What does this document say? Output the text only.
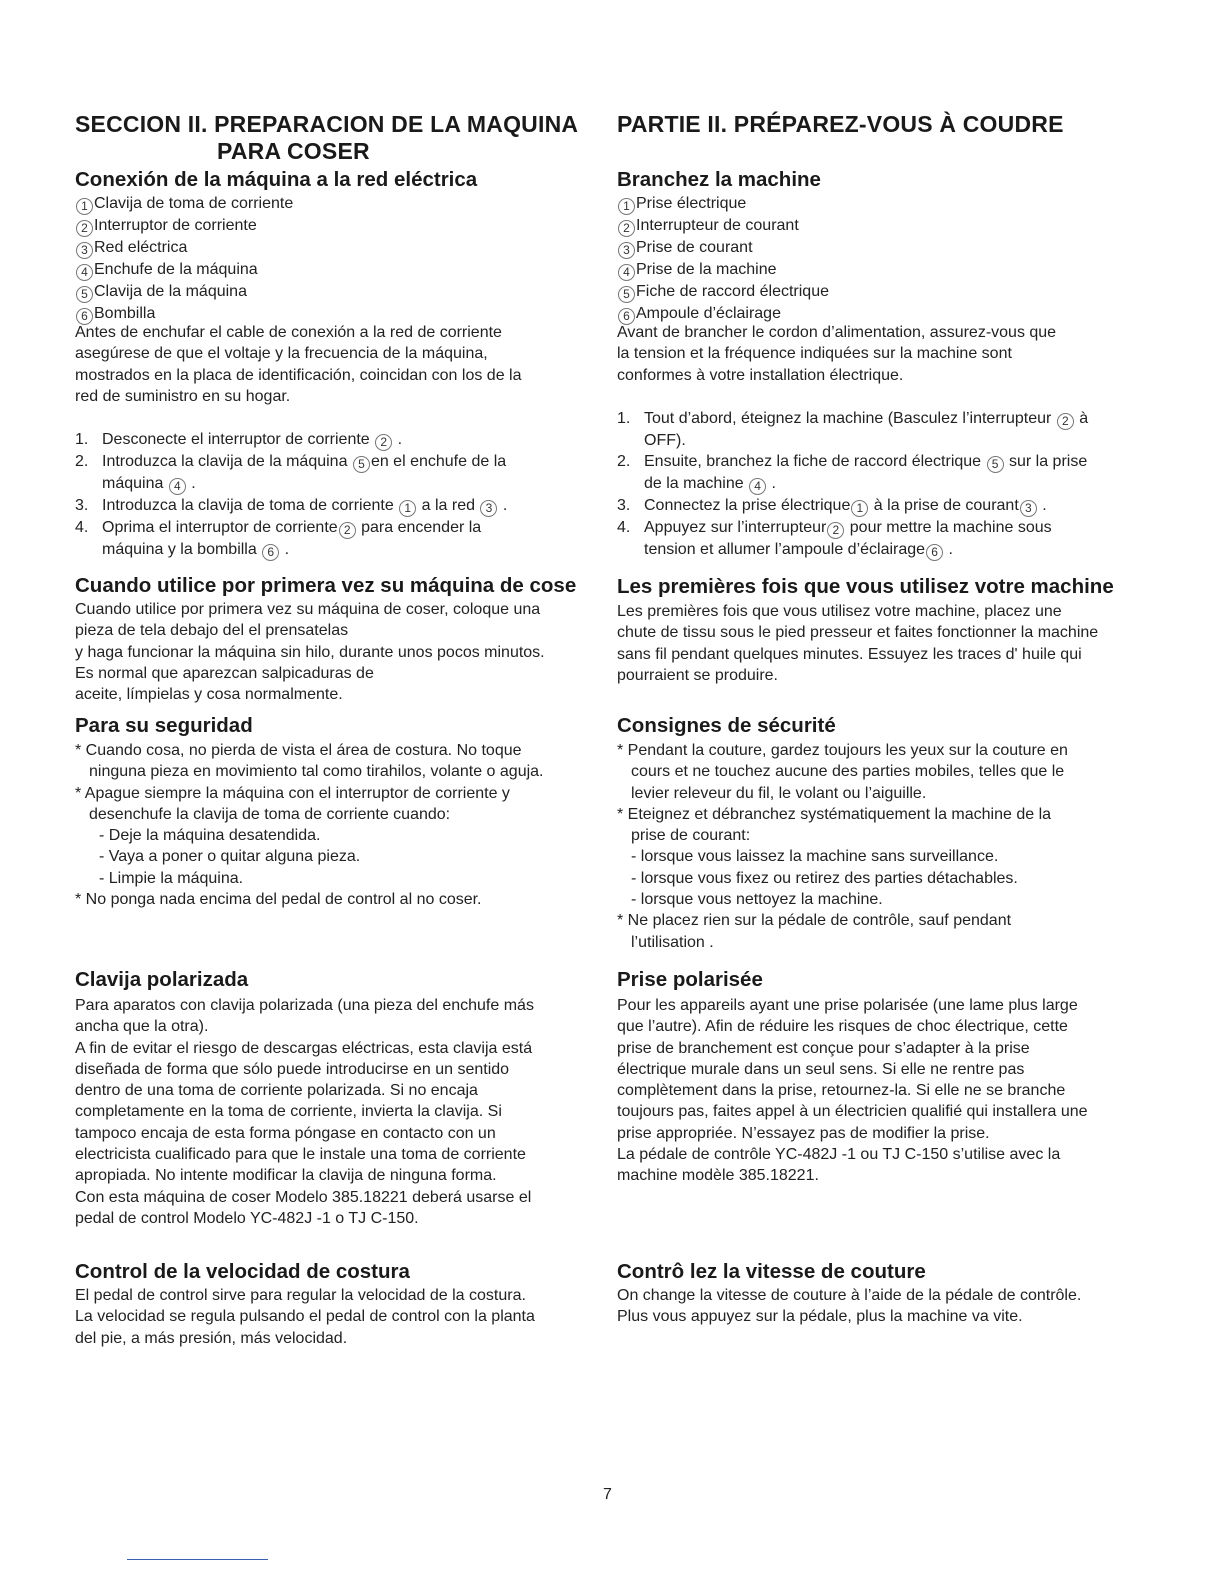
SECCION II. PREPARACION DE LA MAQUINA
PARA COSER
Conexión de la máquina a la red eléctrica
1 Clavija de toma de corriente
2 Interruptor de corriente
3 Red eléctrica
4 Enchufe de la máquina
5 Clavija de la máquina
6 Bombilla
Antes de enchufar el cable de conexión a la red de corriente
asegúrese de que el voltaje y la frecuencia de la máquina,
mostrados en la placa de identificación, coincidan con los de la
red de suministro en su hogar.
1. Desconecte el interruptor de corriente 2 .
2. Introduzca la clavija de la máquina 5 en el enchufe de la
máquina 4 .
3. Introduzca la clavija de toma de corriente 1 a la red 3 .
4. Oprima el interruptor de corriente 2 para encender la
máquina y la bombilla 6 .
Cuando utilice por primera vez su máquina de cose
Cuando utilice por primera vez su máquina de coser, coloque una
pieza de tela debajo del el prensatelas
y haga funcionar la máquina sin hilo, durante unos pocos minutos.
Es normal que aparezcan salpicaduras de
aceite, límpielas y cosa normalmente.
Para su seguridad
* Cuando cosa, no pierda de vista el área de costura. No toque
ninguna pieza en movimiento tal como tirahilos, volante o aguja.
* Apague siempre la máquina con el interruptor de corriente y
desenchufe la clavija de toma de corriente cuando:
- Deje la máquina desatendida.
- Vaya a poner o quitar alguna pieza.
- Limpie la máquina.
* No ponga nada encima del pedal de control al no coser.
Clavija polarizada
Para aparatos con clavija polarizada (una pieza del enchufe más
ancha que la otra).
A fin de evitar el riesgo de descargas eléctricas, esta clavija está
diseñada de forma que sólo puede introducirse en un sentido
dentro de una toma de corriente polarizada. Si no encaja
completamente en la toma de corriente, invierta la clavija. Si
tampoco encaja de esta forma póngase en contacto con un
electricista cualificado para que le instale una toma de corriente
apropiada. No intente modificar la clavija de ninguna forma.
Con esta máquina de coser Modelo 385.18221 deberá usarse el
pedal de control Modelo YC-482J -1 o TJ C-150.
Control de la velocidad de costura
El pedal de control sirve para regular la velocidad de la costura.
La velocidad se regula pulsando el pedal de control con la planta
del pie, a más presión, más velocidad.
PARTIE II. PRÉPAREZ-VOUS À COUDRE
Branchez la machine
1 Prise électrique
2 Interrupteur de courant
3 Prise de courant
4 Prise de la machine
5 Fiche de raccord électrique
6 Ampoule d’éclairage
Avant de brancher le cordon d’alimentation, assurez-vous que
la tension et la fréquence indiquées sur la machine sont
conformes à votre installation électrique.
1. Tout d’abord, éteignez la machine (Basculez l’interrupteur 2 à
OFF).
2. Ensuite, branchez la fiche de raccord électrique 5 sur la prise
de la machine 4 .
3. Connectez la prise électrique 1 à la prise de courant 3 .
4. Appuyez sur l’interrupteur 2 pour mettre la machine sous
tension et allumer l’ampoule d’éclairage 6 .
Les premières fois que vous utilisez votre machine
Les premières fois que vous utilisez votre machine, placez une
chute de tissu sous le pied presseur et faites fonctionner la machine
sans fil pendant quelques minutes. Essuyez les traces d' huile qui
pourraient se produire.
Consignes de sécurité
* Pendant la couture, gardez toujours les yeux sur la couture en
cours et ne touchez aucune des parties mobiles, telles que le
levier releveur du fil, le volant ou l’aiguille.
* Eteignez et débranchez systématiquement la machine de la
prise de courant:
- lorsque vous laissez la machine sans surveillance.
- lorsque vous fixez ou retirez des parties détachables.
- lorsque vous nettoyez la machine.
* Ne placez rien sur la pédale de contrôle, sauf pendant
l’utilisation .
Prise polarisée
Pour les appareils ayant une prise polarisée (une lame plus large
que l’autre). Afin de réduire les risques de choc électrique, cette
prise de branchement est conçue pour s’adapter à la prise
électrique murale dans un seul sens. Si elle ne rentre pas
complètement dans la prise, retournez-la. Si elle ne se branche
toujours pas, faites appel à un électricien qualifié qui installera une
prise appropriée. N’essayez pas de modifier la prise.
La pédale de contrôle YC-482J -1 ou TJ C-150 s’utilise avec la
machine modèle 385.18221.
Contrô lez la vitesse de couture
On change la vitesse de couture à l’aide de la pédale de contrôle.
Plus vous appuyez sur la pédale, plus la machine va vite.
7
